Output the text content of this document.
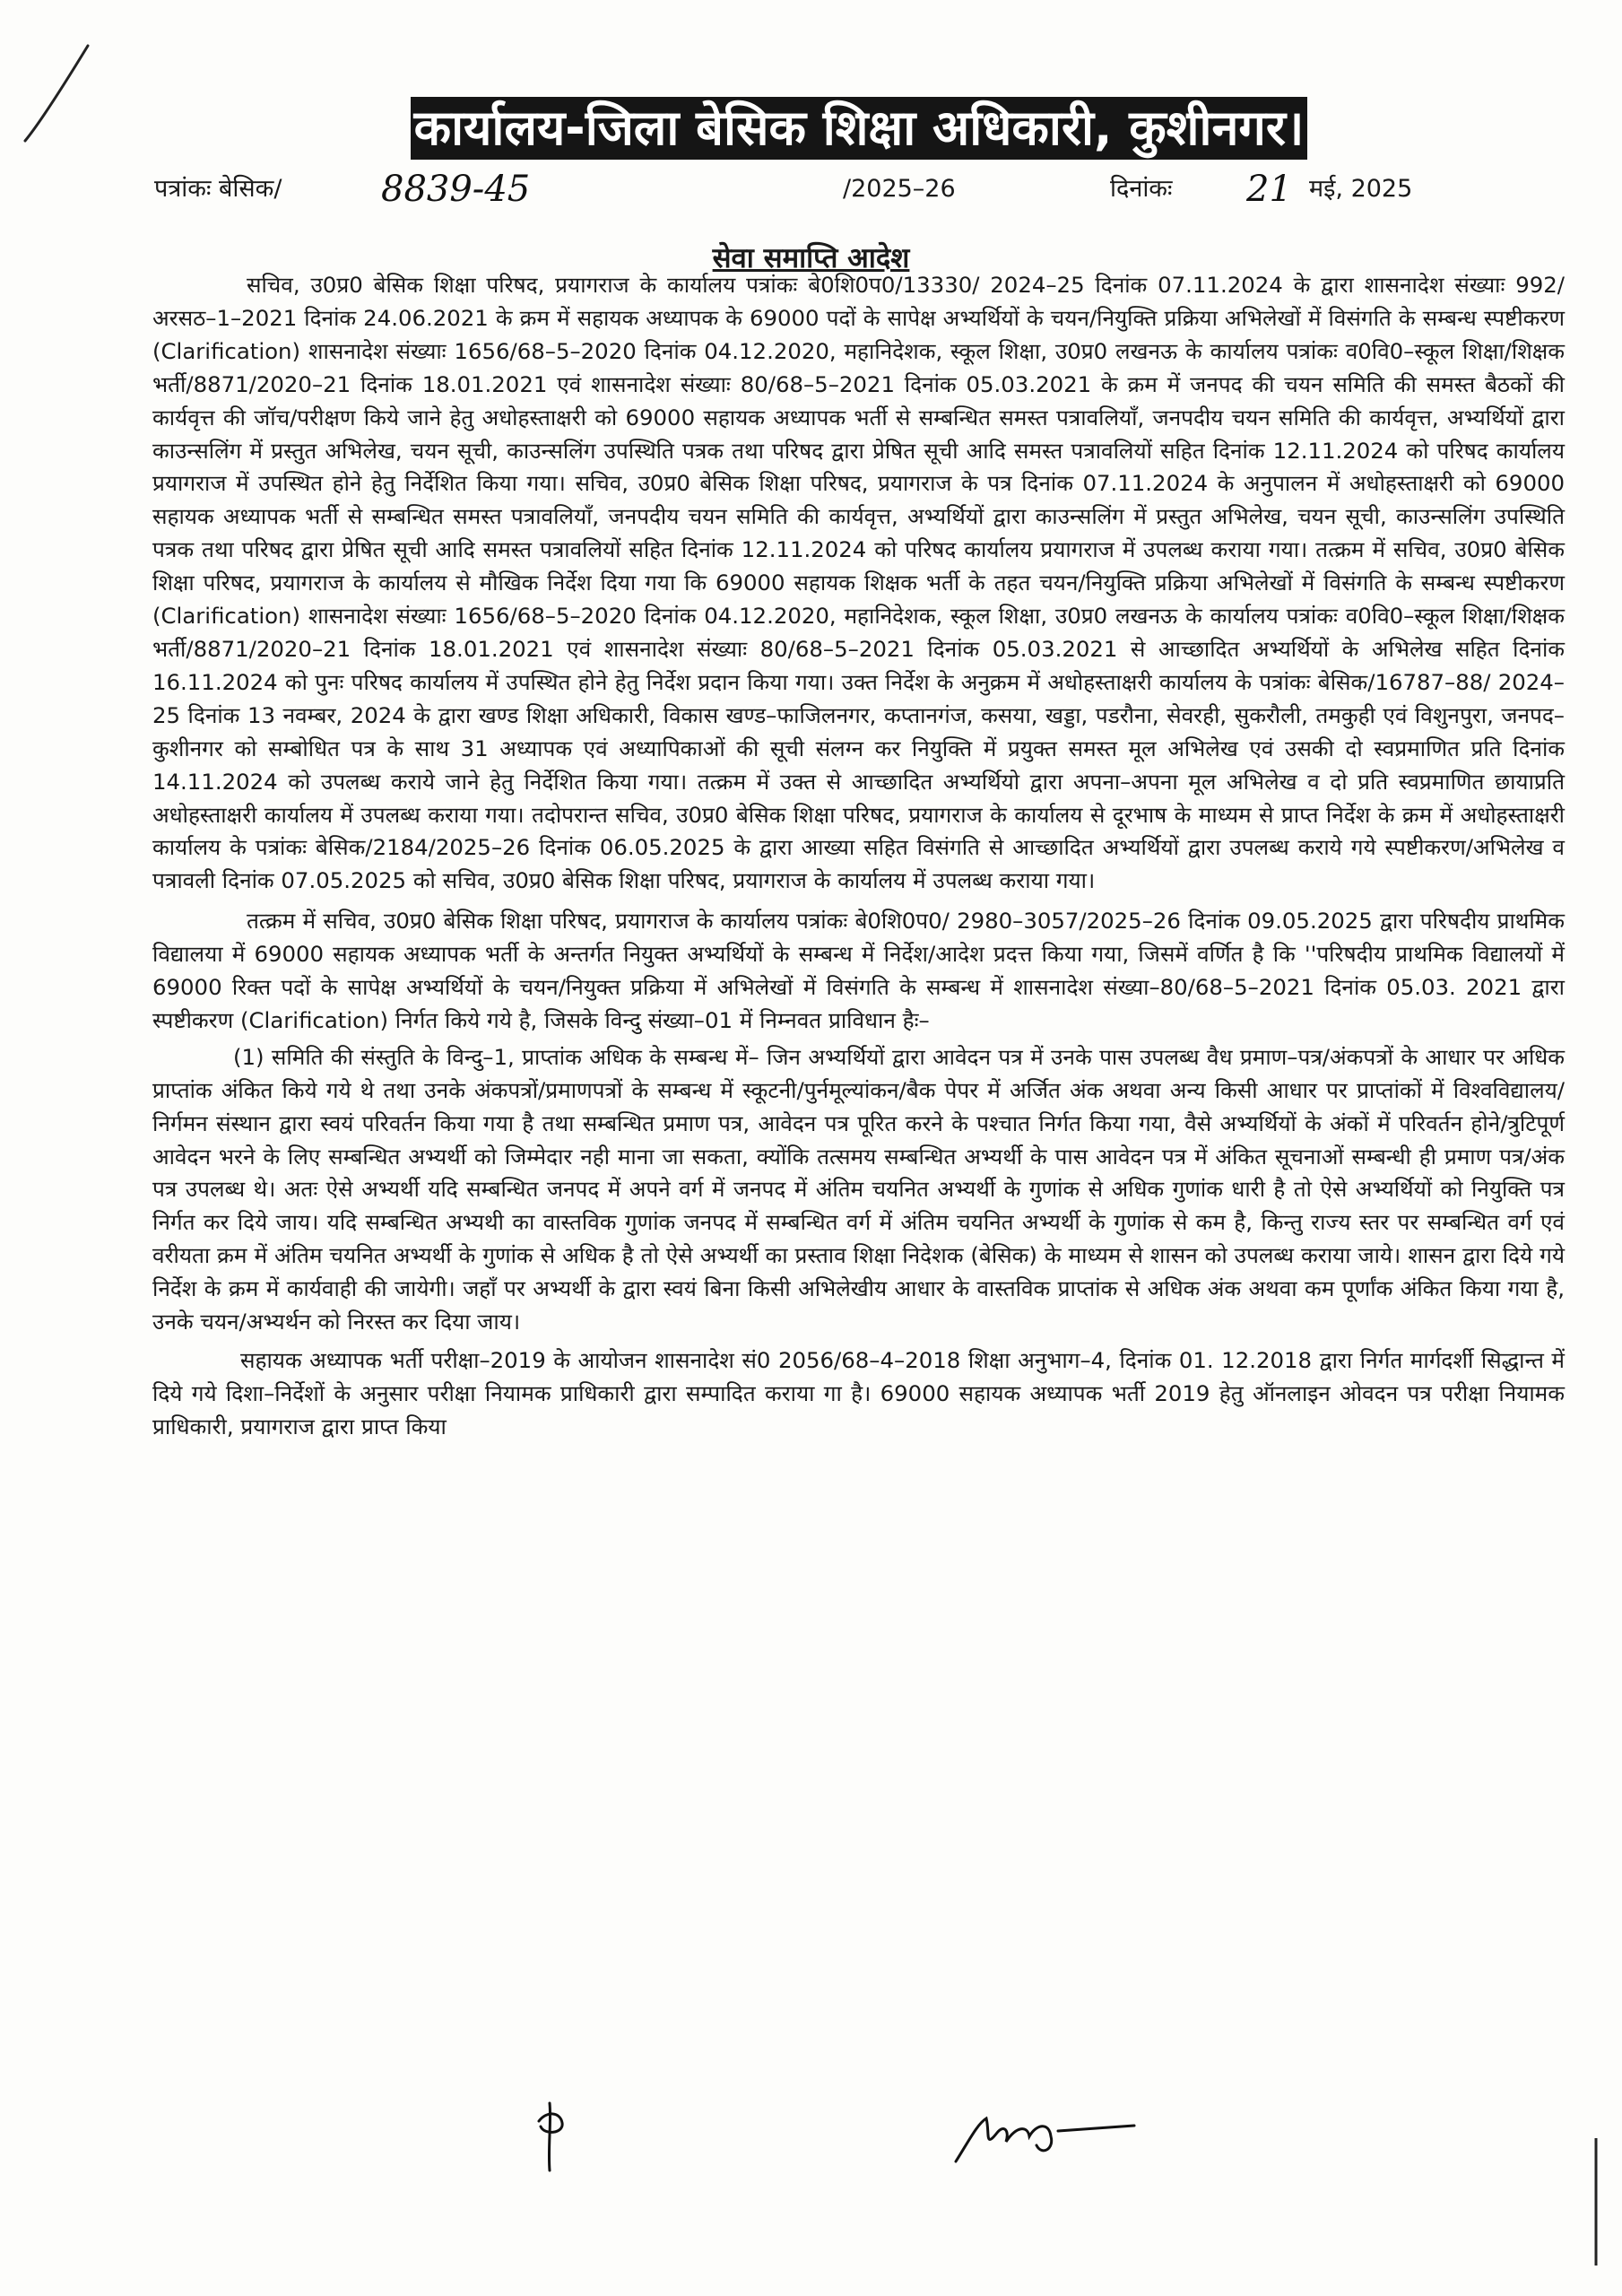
कार्यालय-जिला बेसिक शिक्षा अधिकारी, कुशीनगर।
पत्रांकः बेसिक/	8839-45	/2025–26	दिनांकः 21 मई, 2025
सेवा समाप्ति आदेश

सचिव, उ0प्र0 बेसिक शिक्षा परिषद, प्रयागराज के कार्यालय पत्रांकः बे0शि0प0/13330/ 2024–25 दिनांक 07.11.2024 के द्वारा शासनादेश संख्याः 992/अरसठ–1–2021 दिनांक 24.06.2021 के क्रम में सहायक अध्यापक के 69000 पदों के सापेक्ष अभ्यर्थियों के चयन/नियुक्ति प्रक्रिया अभिलेखों में विसंगति के सम्बन्ध स्पष्टीकरण (Clarification) शासनादेश संख्याः 1656/68–5–2020 दिनांक 04.12.2020, महानिदेशक, स्कूल शिक्षा, उ0प्र0 लखनऊ के कार्यालय पत्रांकः व0वि0–स्कूल शिक्षा/शिक्षक भर्ती/8871/2020–21 दिनांक 18.01.2021 एवं शासनादेश संख्याः 80/68–5–2021 दिनांक 05.03.2021 के क्रम में जनपद की चयन समिति की समस्त बैठकों की कार्यवृत्त की जॉच/परीक्षण किये जाने हेतु अधोहस्ताक्षरी को 69000 सहायक अध्यापक भर्ती से सम्बन्धित समस्त पत्रावलियाँ, जनपदीय चयन समिति की कार्यवृत्त, अभ्यर्थियों द्वारा काउन्सलिंग में प्रस्तुत अभिलेख, चयन सूची, काउन्सलिंग उपस्थिति पत्रक तथा परिषद द्वारा प्रेषित सूची आदि समस्त पत्रावलियों सहित दिनांक 12.11.2024 को परिषद कार्यालय प्रयागराज में उपस्थित होने हेतु निर्देशित किया गया। सचिव, उ0प्र0 बेसिक शिक्षा परिषद, प्रयागराज के पत्र दिनांक 07.11.2024 के अनुपालन में अधोहस्ताक्षरी को 69000 सहायक अध्यापक भर्ती से सम्बन्धित समस्त पत्रावलियाँ, जनपदीय चयन समिति की कार्यवृत्त, अभ्यर्थियों द्वारा काउन्सलिंग में प्रस्तुत अभिलेख, चयन सूची, काउन्सलिंग उपस्थिति पत्रक तथा परिषद द्वारा प्रेषित सूची आदि समस्त पत्रावलियों सहित दिनांक 12.11.2024 को परिषद कार्यालय प्रयागराज में उपलब्ध कराया गया। तत्क्रम में सचिव, उ0प्र0 बेसिक शिक्षा परिषद, प्रयागराज के कार्यालय से मौखिक निर्देश दिया गया कि 69000 सहायक शिक्षक भर्ती के तहत चयन/नियुक्ति प्रक्रिया अभिलेखों में विसंगति के सम्बन्ध स्पष्टीकरण (Clarification) शासनादेश संख्याः 1656/68–5–2020 दिनांक 04.12.2020, महानिदेशक, स्कूल शिक्षा, उ0प्र0 लखनऊ के कार्यालय पत्रांकः व0वि0–स्कूल शिक्षा/शिक्षक भर्ती/8871/2020–21 दिनांक 18.01.2021 एवं शासनादेश संख्याः 80/68–5–2021 दिनांक 05.03.2021 से आच्छादित अभ्यर्थियों के अभिलेख सहित दिनांक 16.11.2024 को पुनः परिषद कार्यालय में उपस्थित होने हेतु निर्देश प्रदान किया गया। उक्त निर्देश के अनुक्रम में अधोहस्ताक्षरी कार्यालय के पत्रांकः बेसिक/16787–88/ 2024–25 दिनांक 13 नवम्बर, 2024 के द्वारा खण्ड शिक्षा अधिकारी, विकास खण्ड–फाजिलनगर, कप्तानगंज, कसया, खड्डा, पडरौना, सेवरही, सुकरौली, तमकुही एवं विशुनपुरा, जनपद–कुशीनगर को सम्बोधित पत्र के साथ 31 अध्यापक एवं अध्यापिकाओं की सूची संलग्न कर नियुक्ति में प्रयुक्त समस्त मूल अभिलेख एवं उसकी दो स्वप्रमाणित प्रति दिनांक 14.11.2024 को उपलब्ध कराये जाने हेतु निर्देशित किया गया। तत्क्रम में उक्त से आच्छादित अभ्यर्थियो द्वारा अपना–अपना मूल अभिलेख व दो प्रति स्वप्रमाणित छायाप्रति अधोहस्ताक्षरी कार्यालय में उपलब्ध कराया गया। तदोपरान्त सचिव, उ0प्र0 बेसिक शिक्षा परिषद, प्रयागराज के कार्यालय से दूरभाष के माध्यम से प्राप्त निर्देश के क्रम में अधोहस्ताक्षरी कार्यालय के पत्रांकः बेसिक/2184/2025–26 दिनांक 06.05.2025 के द्वारा आख्या सहित विसंगति से आच्छादित अभ्यर्थियों द्वारा उपलब्ध कराये गये स्पष्टीकरण/अभिलेख व पत्रावली दिनांक 07.05.2025 को सचिव, उ0प्र0 बेसिक शिक्षा परिषद, प्रयागराज के कार्यालय में उपलब्ध कराया गया।

तत्क्रम में सचिव, उ0प्र0 बेसिक शिक्षा परिषद, प्रयागराज के कार्यालय पत्रांकः बे0शि0प0/ 2980–3057/2025–26 दिनांक 09.05.2025 द्वारा परिषदीय प्राथमिक विद्यालया में 69000 सहायक अध्यापक भर्ती के अन्तर्गत नियुक्त अभ्यर्थियों के सम्बन्ध में निर्देश/आदेश प्रदत्त किया गया, जिसमें वर्णित है कि ''परिषदीय प्राथमिक विद्यालयों में 69000 रिक्त पदों के सापेक्ष अभ्यर्थियों के चयन/नियुक्त प्रक्रिया में अभिलेखों में विसंगति के सम्बन्ध में शासनादेश संख्या–80/68–5–2021 दिनांक 05.03. 2021 द्वारा स्पष्टीकरण (Clarification) निर्गत किये गये है, जिसके विन्दु संख्या–01 में निम्नवत प्राविधान हैः–

(1) समिति की संस्तुति के विन्दु–1, प्राप्तांक अधिक के सम्बन्ध में– जिन अभ्यर्थियों द्वारा आवेदन पत्र में उनके पास उपलब्ध वैध प्रमाण–पत्र/अंकपत्रों के आधार पर अधिक प्राप्तांक अंकित किये गये थे तथा उनके अंकपत्रों/प्रमाणपत्रों के सम्बन्ध में स्कूटनी/पुर्नमूल्यांकन/बैक पेपर में अर्जित अंक अथवा अन्य किसी आधार पर प्राप्तांकों में विश्वविद्यालय/निर्गमन संस्थान द्वारा स्वयं परिवर्तन किया गया है तथा सम्बन्धित प्रमाण पत्र, आवेदन पत्र पूरित करने के पश्चात निर्गत किया गया, वैसे अभ्यर्थियों के अंकों में परिवर्तन होने/त्रुटिपूर्ण आवेदन भरने के लिए सम्बन्धित अभ्यर्थी को जिम्मेदार नही माना जा सकता, क्योंकि तत्समय सम्बन्धित अभ्यर्थी के पास आवेदन पत्र में अंकित सूचनाओं सम्बन्धी ही प्रमाण पत्र/अंक पत्र उपलब्ध थे। अतः ऐसे अभ्यर्थी यदि सम्बन्धित जनपद में अपने वर्ग में जनपद में अंतिम चयनित अभ्यर्थी के गुणांक से अधिक गुणांक धारी है तो ऐसे अभ्यर्थियों को नियुक्ति पत्र निर्गत कर दिये जाय। यदि सम्बन्धित अभ्यथी का वास्तविक गुणांक जनपद में सम्बन्धित वर्ग में अंतिम चयनित अभ्यर्थी के गुणांक से कम है, किन्तु राज्य स्तर पर सम्बन्धित वर्ग एवं वरीयता क्रम में अंतिम चयनित अभ्यर्थी के गुणांक से अधिक है तो ऐसे अभ्यर्थी का प्रस्ताव शिक्षा निदेशक (बेसिक) के माध्यम से शासन को उपलब्ध कराया जाये। शासन द्वारा दिये गये निर्देश के क्रम में कार्यवाही की जायेगी। जहाँ पर अभ्यर्थी के द्वारा स्वयं बिना किसी अभिलेखीय आधार के वास्तविक प्राप्तांक से अधिक अंक अथवा कम पूर्णांक अंकित किया गया है, उनके चयन/अभ्यर्थन को निरस्त कर दिया जाय।

सहायक अध्यापक भर्ती परीक्षा–2019 के आयोजन शासनादेश सं0 2056/68–4–2018 शिक्षा अनुभाग–4, दिनांक 01. 12.2018 द्वारा निर्गत मार्गदर्शी सिद्धान्त में दिये गये दिशा–निर्देशों के अनुसार परीक्षा नियामक प्राधिकारी द्वारा सम्पादित कराया गा है। 69000 सहायक अध्यापक भर्ती 2019 हेतु ऑनलाइन ओवदन पत्र परीक्षा नियामक प्राधिकारी, प्रयागराज द्वारा प्राप्त किया
